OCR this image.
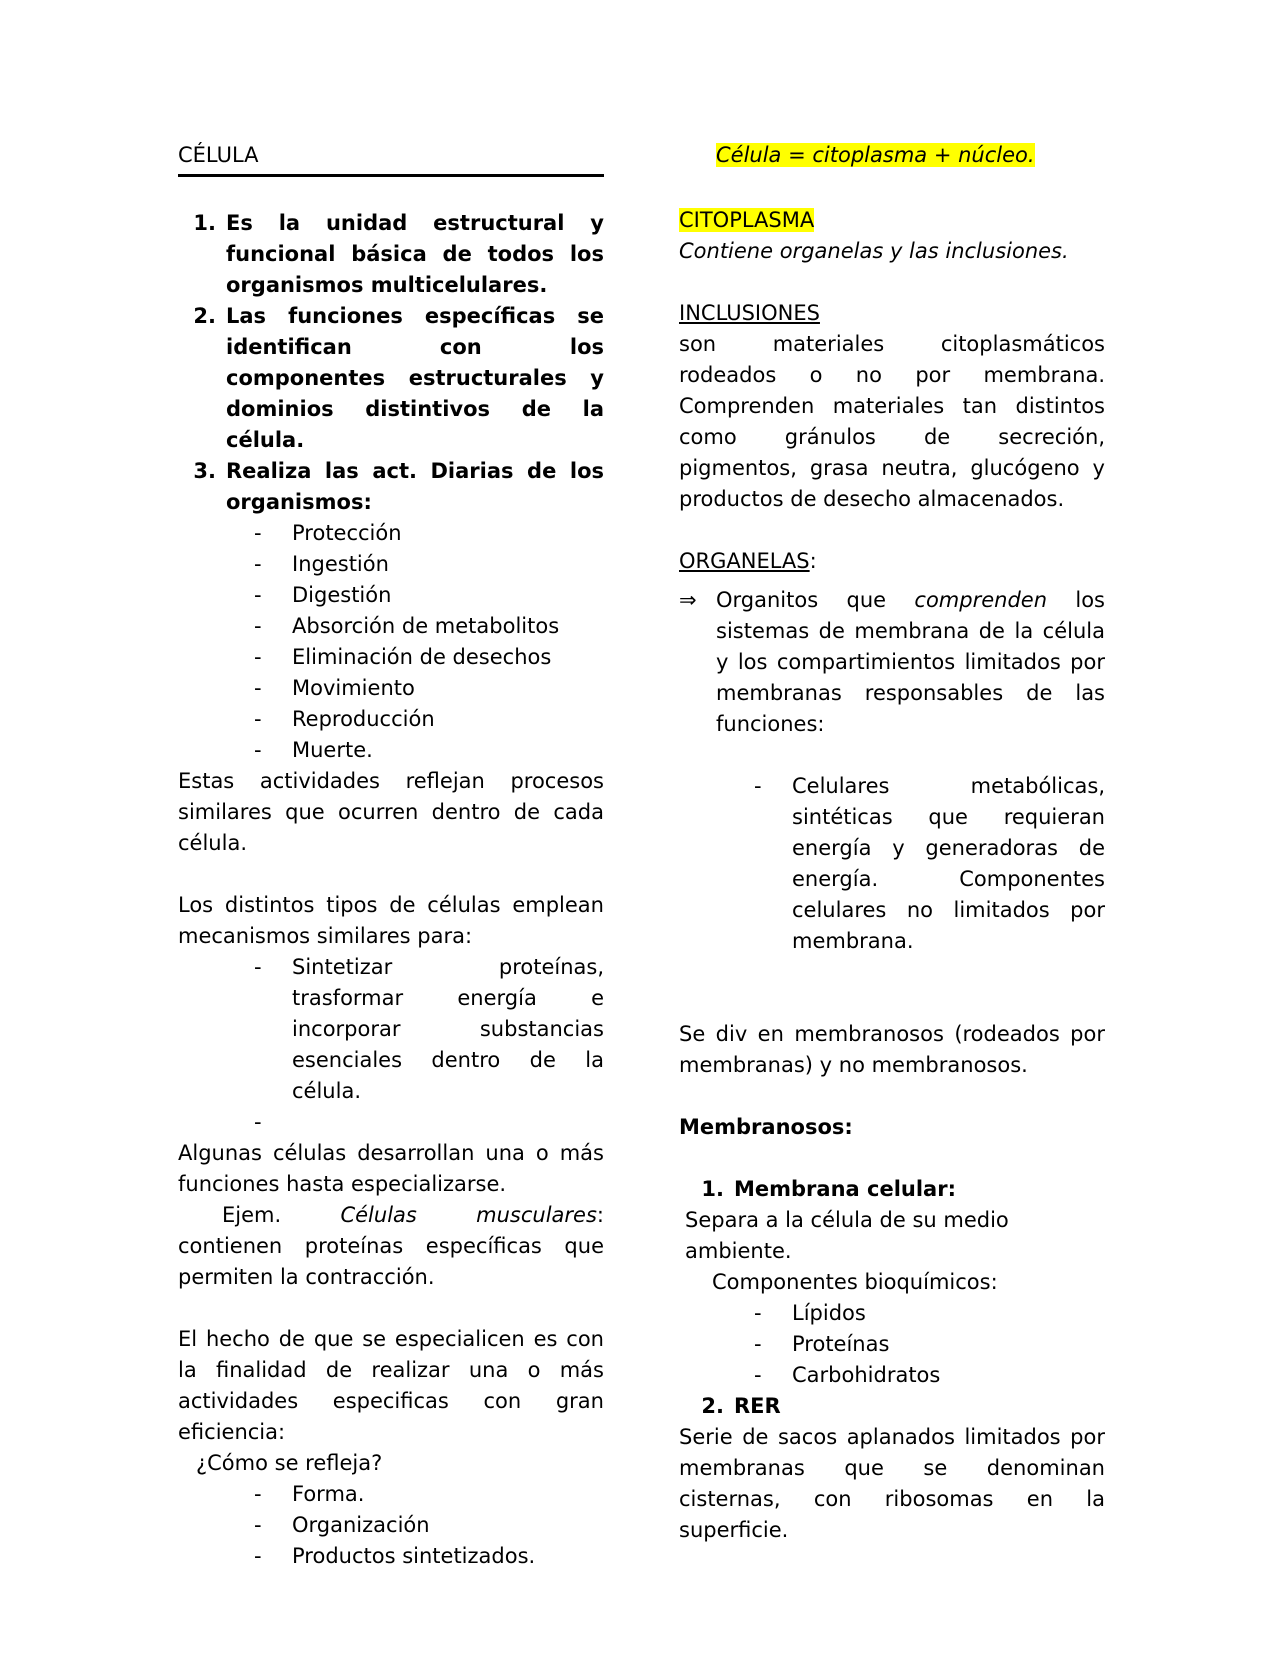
CÉLULA

1. Es la unidad estructural y funcional básica de todos los organismos multicelulares.
2. Las funciones específicas se identifican con los componentes estructurales y dominios distintivos de la célula.
3. Realiza las act. Diarias de los organismos:
-	Protección
-	Ingestión
-	Digestión
-	Absorción de metabolitos
-	Eliminación de desechos
-	Movimiento
-	Reproducción
-	Muerte.

Estas actividades reflejan procesos similares que ocurren dentro de cada célula.

Los distintos tipos de células emplean mecanismos similares para:

-	Sintetizar proteínas, trasformar energía e incorporar substancias esenciales dentro de la célula.
-

Algunas células desarrollan una o más funciones hasta especializarse.

Ejem. Células musculares: contienen proteínas específicas que permiten la contracción.

El hecho de que se especialicen es con la finalidad de realizar una o más actividades especificas con gran eficiencia:

¿Cómo se refleja?

-	Forma.
-	Organización
-	Productos sintetizados.

Célula = citoplasma + núcleo.

CITOPLASMA

Contiene organelas y las inclusiones.

INCLUSIONES

son materiales citoplasmáticos rodeados o no por membrana. Comprenden materiales tan distintos como gránulos de secreción, pigmentos, grasa neutra, glucógeno y productos de desecho almacenados.

ORGANELAS:

⇒ Organitos que comprenden los sistemas de membrana de la célula y los compartimientos limitados por membranas responsables de las funciones:

-	Celulares metabólicas, sintéticas que requieran energía y generadoras de energía. Componentes celulares no limitados por membrana.

Se div en membranosos (rodeados por membranas) y no membranosos.

Membranosos:

1. Membrana celular:

Separa a la célula de su medio ambiente.

Componentes bioquímicos:

-	Lípidos
-	Proteínas
-	Carbohidratos
2. RER

Serie de sacos aplanados limitados por membranas que se denominan cisternas, con ribosomas en la superficie.
